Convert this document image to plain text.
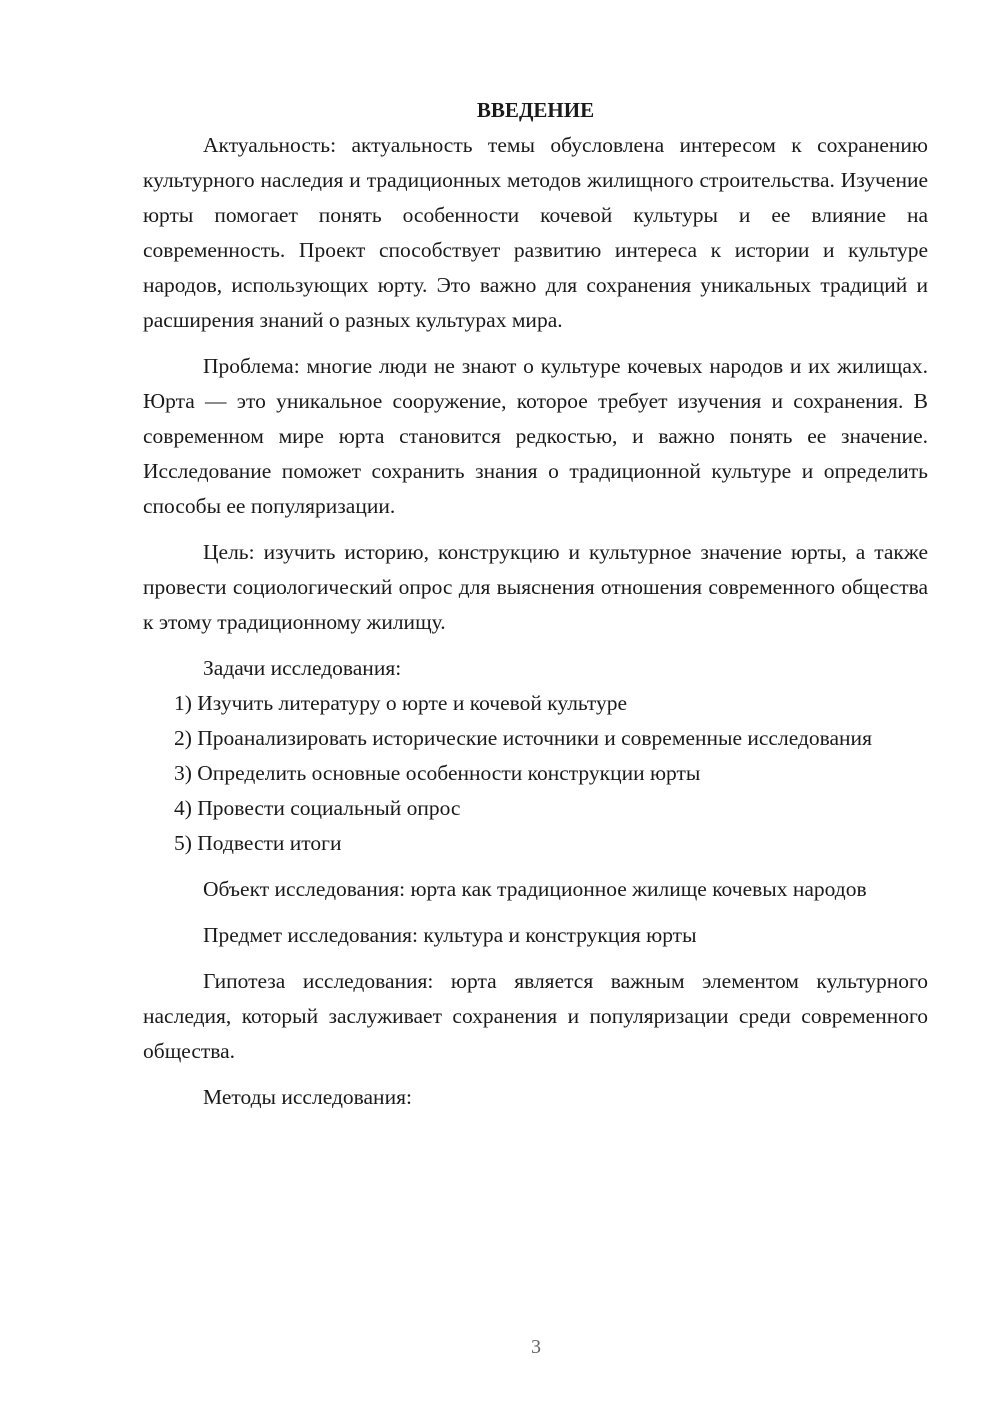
ВВЕДЕНИЕ

Актуальность: актуальность темы обусловлена интересом к сохранению культурного наследия и традиционных методов жилищного строительства. Изучение юрты помогает понять особенности кочевой культуры и ее влияние на современность. Проект способствует развитию интереса к истории и культуре народов, использующих юрту. Это важно для сохранения уникальных традиций и расширения знаний о разных культурах мира.

Проблема: многие люди не знают о культуре кочевых народов и их жилищах. Юрта — это уникальное сооружение, которое требует изучения и сохранения. В современном мире юрта становится редкостью, и важно понять ее значение. Исследование поможет сохранить знания о традиционной культуре и определить способы ее популяризации.

Цель: изучить историю, конструкцию и культурное значение юрты, а также провести социологический опрос для выяснения отношения современного общества к этому традиционному жилищу.

Задачи исследования:

1) Изучить литературу о юрте и кочевой культуре

2) Проанализировать исторические источники и современные исследования

3) Определить основные особенности конструкции юрты

4) Провести социальный опрос

5) Подвести итоги

Объект исследования: юрта как традиционное жилище кочевых народов

Предмет исследования: культура и конструкция юрты

Гипотеза исследования: юрта является важным элементом культурного наследия, который заслуживает сохранения и популяризации среди современного общества.

Методы исследования:

3
